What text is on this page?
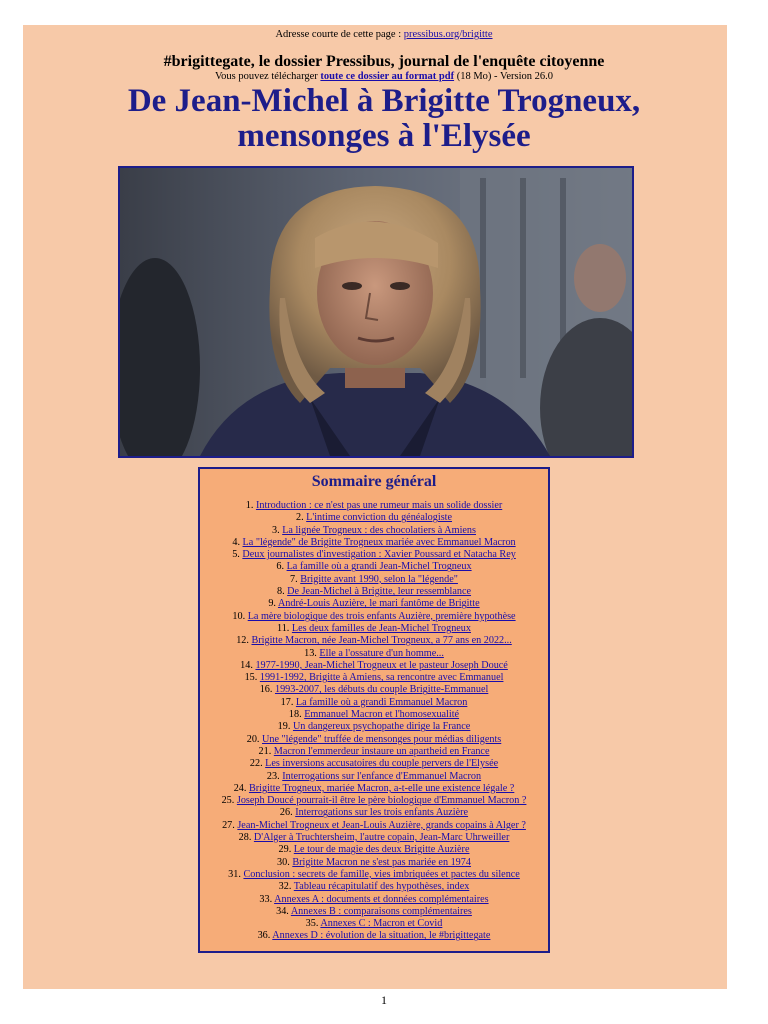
Adresse courte de cette page : pressibus.org/brigitte
#brigittegate, le dossier Pressibus, journal de l'enquête citoyenne
Vous pouvez télécharger toute ce dossier au format pdf (18 Mo) - Version 26.0
De Jean-Michel à Brigitte Trogneux,
mensonges à l'Elysée
Sommaire général
1. Introduction : ce n'est pas une rumeur mais un solide dossier
2. L'intime conviction du généalogiste
3. La lignée Trogneux : des chocolatiers à Amiens
4. La "légende" de Brigitte Trogneux mariée avec Emmanuel Macron
5. Deux journalistes d'investigation : Xavier Poussard et Natacha Rey
6. La famille où a grandi Jean-Michel Trogneux
7. Brigitte avant 1990, selon la "légende"
8. De Jean-Michel à Brigitte, leur ressemblance
9. André-Louis Auzière, le mari fantôme de Brigitte
10. La mère biologique des trois enfants Auzière, première hypothèse
11. Les deux familles de Jean-Michel Trogneux
12. Brigitte Macron, née Jean-Michel Trogneux, a 77 ans en 2022...
13. Elle a l'ossature d'un homme...
14. 1977-1990, Jean-Michel Trogneux et le pasteur Joseph Doucé
15. 1991-1992, Brigitte à Amiens, sa rencontre avec Emmanuel
16. 1993-2007, les débuts du couple Brigitte-Emmanuel
17. La famille où a grandi Emmanuel Macron
18. Emmanuel Macron et l'homosexualité
19. Un dangereux psychopathe dirige la France
20. Une "légende" truffée de mensonges pour médias diligents
21. Macron l'emmerdeur instaure un apartheid en France
22. Les inversions accusatoires du couple pervers de l'Elysée
23. Interrogations sur l'enfance d'Emmanuel Macron
24. Brigitte Trogneux, mariée Macron, a-t-elle une existence légale ?
25. Joseph Doucé pourrait-il être le père biologique d'Emmanuel Macron ?
26. Interrogations sur les trois enfants Auzière
27. Jean-Michel Trogneux et Jean-Louis Auzière, grands copains à Alger ?
28. D'Alger à Truchtersheim, l'autre copain, Jean-Marc Uhrweiller
29. Le tour de magie des deux Brigitte Auzière
30. Brigitte Macron ne s'est pas mariée en 1974
31. Conclusion : secrets de famille, vies imbriquées et pactes du silence
32. Tableau récapitulatif des hypothèses, index
33. Annexes A : documents et données complémentaires
34. Annexes B : comparaisons complémentaires
35. Annexes C : Macron et Covid
36. Annexes D : évolution de la situation, le #brigittegate
1
